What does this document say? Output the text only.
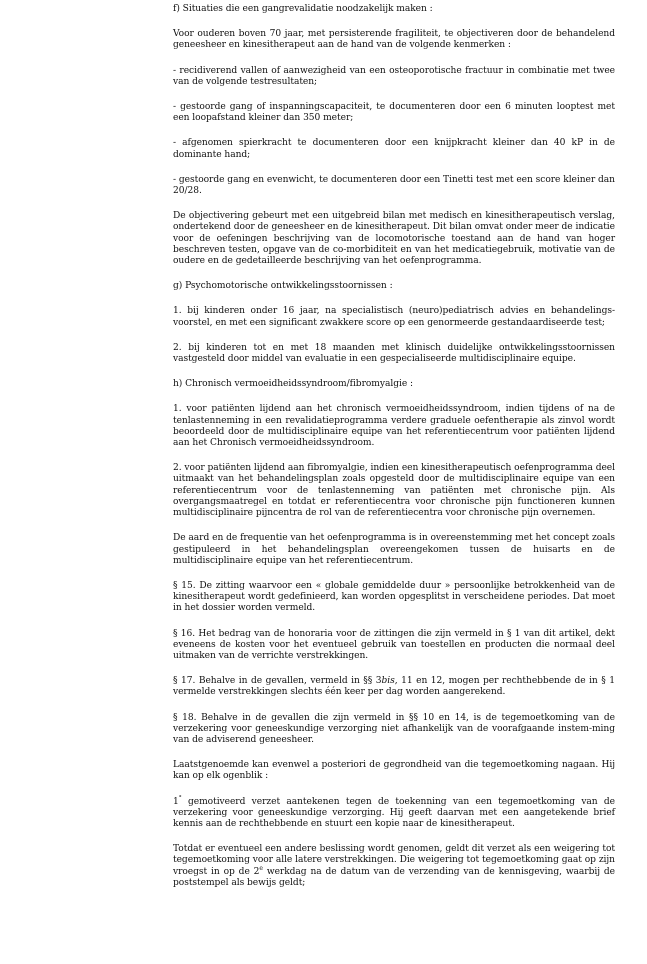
f) Situaties die een gangrevalidatie noodzakelijk maken :

Voor ouderen boven 70 jaar, met persisterende fragiliteit, te objectiveren door de behandelend geneesheer en kinesitherapeut aan de hand van de volgende kenmerken :

- recidiverend vallen of aanwezigheid van een osteoporotische fractuur in combinatie met twee van de volgende testresultaten;

- gestoorde gang of inspanningscapaciteit, te documenteren door een 6 minuten looptest met een loopafstand kleiner dan 350 meter;

- afgenomen spierkracht te documenteren door een knijpkracht kleiner dan 40 kP in de dominante hand;

- gestoorde gang en evenwicht, te documenteren door een Tinetti test met een score kleiner dan 20/28.

De objectivering gebeurt met een uitgebreid bilan met medisch en kinesitherapeutisch verslag, ondertekend door de geneesheer en de kinesitherapeut. Dit bilan omvat onder meer de indicatie voor de oefeningen beschrijving van de locomotorische toestand aan de hand van hoger beschreven testen, opgave van de co-morbiditeit en van het medicatiegebruik, motivatie van de oudere en de gedetailleerde beschrijving van het oefenprogramma.

g) Psychomotorische ontwikkelingsstoornissen :

1. bij kinderen onder 16 jaar, na specialistisch (neuro)pediatrisch advies en behandelings-voorstel, en met een significant zwakkere score op een genormeerde gestandaardiseerde test;

2. bij kinderen tot en met 18 maanden met klinisch duidelijke ontwikkelingsstoornissen vastgesteld door middel van evaluatie in een gespecialiseerde multidisciplinaire equipe.

h) Chronisch vermoeidheidssyndroom/fibromyalgie :

1. voor patiënten lijdend aan het chronisch vermoeidheidssyndroom, indien tijdens of na de tenlastenneming in een revalidatieprogramma verdere graduele oefentherapie als zinvol wordt beoordeeld door de multidisciplinaire equipe van het referentiecentrum voor patiënten lijdend aan het Chronisch vermoeidheidssyndroom.

2. voor patiënten lijdend aan fibromyalgie, indien een kinesitherapeutisch oefenprogramma deel uitmaakt van het behandelingsplan zoals opgesteld door de multidisciplinaire equipe van een referentiecentrum voor de tenlastenneming van patiënten met chronische pijn. Als overgangsmaatregel en totdat er referentiecentra voor chronische pijn functioneren kunnen multidisciplinaire pijncentra de rol van de referentiecentra voor chronische pijn overnemen.

De aard en de frequentie van het oefenprogramma is in overeenstemming met het concept zoals gestipuleerd in het behandelingsplan overeengekomen tussen de huisarts en de multidisciplinaire equipe van het referentiecentrum.

§ 15. De zitting waarvoor een « globale gemiddelde duur » persoonlijke betrokkenheid van de kinesitherapeut wordt gedefinieerd, kan worden opgesplitst in verscheidene periodes. Dat moet in het dossier worden vermeld.

§ 16. Het bedrag van de honoraria voor de zittingen die zijn vermeld in § 1 van dit artikel, dekt eveneens de kosten voor het eventueel gebruik van toestellen en producten die normaal deel uitmaken van de verrichte verstrekkingen.

§ 17. Behalve in de gevallen, vermeld in §§ 3bis, 11 en 12, mogen per rechthebbende de in § 1 vermelde verstrekkingen slechts één keer per dag worden aangerekend.

§ 18. Behalve in de gevallen die zijn vermeld in §§ 10 en 14, is de tegemoetkoming van de verzekering voor geneeskundige verzorging niet afhankelijk van de voorafgaande instem-ming van de adviserend geneesheer.

Laatstgenoemde kan evenwel a posteriori de gegrondheid van die tegemoetkoming nagaan. Hij kan op elk ogenblik :

1° gemotiveerd verzet aantekenen tegen de toekenning van een tegemoetkoming van de verzekering voor geneeskundige verzorging. Hij geeft daarvan met een aangetekende brief kennis aan de rechthebbende en stuurt een kopie naar de kinesitherapeut.

Totdat er eventueel een andere beslissing wordt genomen, geldt dit verzet als een weigering tot tegemoetkoming voor alle latere verstrekkingen. Die weigering tot tegemoetkoming gaat op zijn vroegst in op de 2e werkdag na de datum van de verzending van de kennisgeving, waarbij de poststempel als bewijs geldt;
